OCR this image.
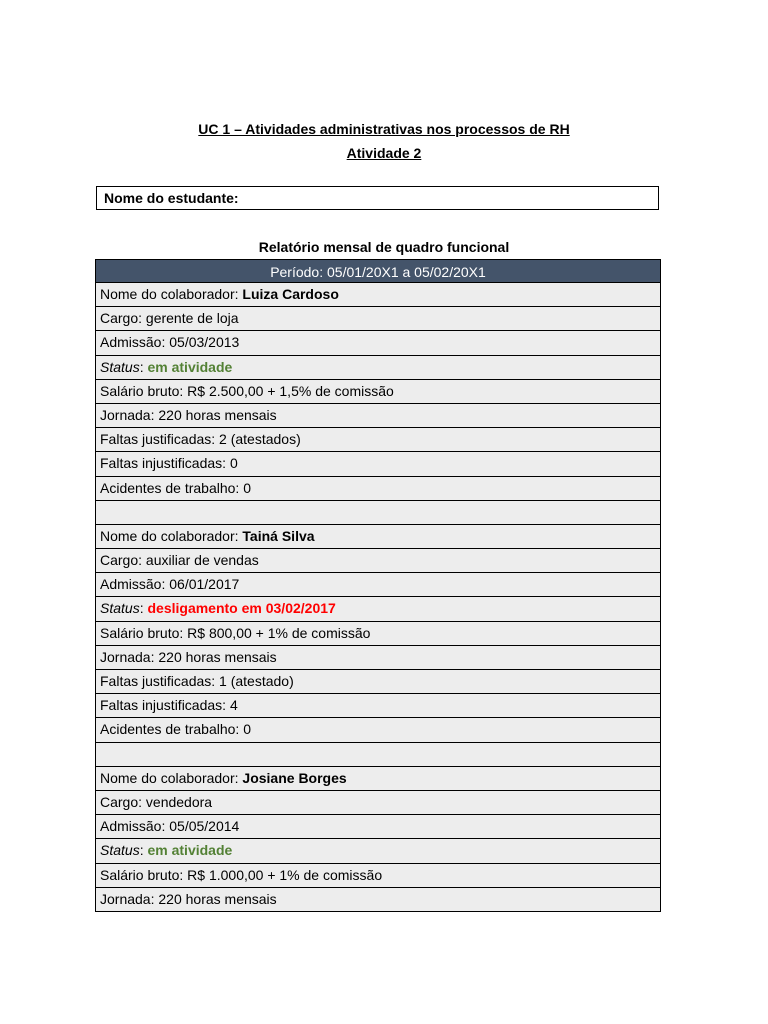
UC 1 – Atividades administrativas nos processos de RH
Atividade 2
Nome do estudante:
Relatório mensal de quadro funcional
Período: 05/01/20X1 a 05/02/20X1
Nome do colaborador: Luiza Cardoso
Cargo: gerente de loja
Admissão: 05/03/2013
Status: em atividade
Salário bruto: R$ 2.500,00 + 1,5% de comissão
Jornada: 220 horas mensais
Faltas justificadas: 2 (atestados)
Faltas injustificadas: 0
Acidentes de trabalho: 0
Nome do colaborador: Tainá Silva
Cargo: auxiliar de vendas
Admissão: 06/01/2017
Status: desligamento em 03/02/2017
Salário bruto: R$ 800,00 + 1% de comissão
Jornada: 220 horas mensais
Faltas justificadas: 1 (atestado)
Faltas injustificadas: 4
Acidentes de trabalho: 0
Nome do colaborador: Josiane Borges
Cargo: vendedora
Admissão: 05/05/2014
Status: em atividade
Salário bruto: R$ 1.000,00 + 1% de comissão
Jornada: 220 horas mensais
